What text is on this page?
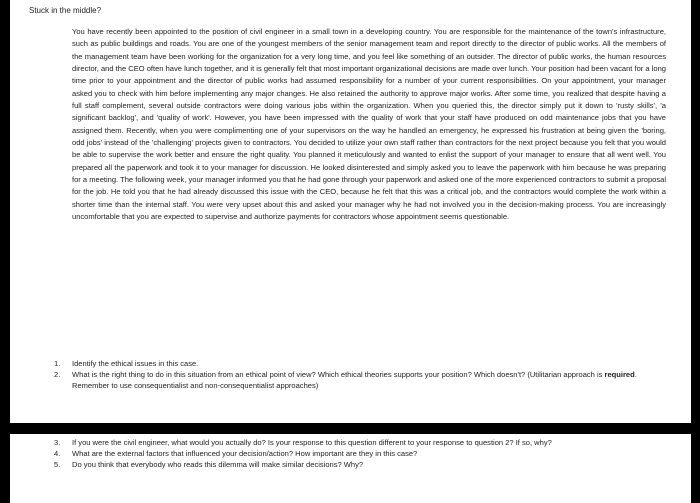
Stuck in the middle?

You have recently been appointed to the position of civil engineer in a small town in a developing country. You are responsible for the maintenance of the town's infrastructure, such as public buildings and roads. You are one of the youngest members of the senior management team and report directly to the director of public works. All the members of the management team have been working for the organization for a very long time, and you feel like something of an outsider. The director of public works, the human resources director, and the CEO often have lunch together, and it is generally felt that most important organizational decisions are made over lunch. Your position had been vacant for a long time prior to your appointment and the director of public works had assumed responsibility for a number of your current responsibilities. On your appointment, your manager asked you to check with him before implementing any major changes. He also retained the authority to approve major works. After some time, you realized that despite having a full staff complement, several outside contractors were doing various jobs within the organization. When you queried this, the director simply put it down to 'rusty skills', 'a significant backlog', and 'quality of work'. However, you have been impressed with the quality of work that your staff have produced on odd maintenance jobs that you have assigned them. Recently, when you were complimenting one of your supervisors on the way he handled an emergency, he expressed his frustration at being given the 'boring, odd jobs' instead of the 'challenging' projects given to contractors. You decided to utilize your own staff rather than contractors for the next project because you felt that you would be able to supervise the work better and ensure the right quality. You planned it meticulously and wanted to enlist the support of your manager to ensure that all went well. You prepared all the paperwork and took it to your manager for discussion. He looked disinterested and simply asked you to leave the paperwork with him because he was preparing for a meeting. The following week, your manager informed you that he had gone through your paperwork and asked one of the more experienced contractors to submit a proposal for the job. He told you that he had already discussed this issue with the CEO, because he felt that this was a critical job, and the contractors would complete the work within a shorter time than the internal staff. You were very upset about this and asked your manager why he had not involved you in the decision-making process. You are increasingly uncomfortable that you are expected to supervise and authorize payments for contractors whose appointment seems questionable.

1. Identify the ethical issues in this case.
2. What is the right thing to do in this situation from an ethical point of view? Which ethical theories supports your position? Which doesn't? (Utilitarian approach is required. Remember to use consequentialist and non-consequentialist approaches)
3. If you were the civil engineer, what would you actually do? Is your response to this question different to your response to question 2? If so, why?
4. What are the external factors that influenced your decision/action? How important are they in this case?
5. Do you think that everybody who reads this dilemma will make similar decisions? Why?
